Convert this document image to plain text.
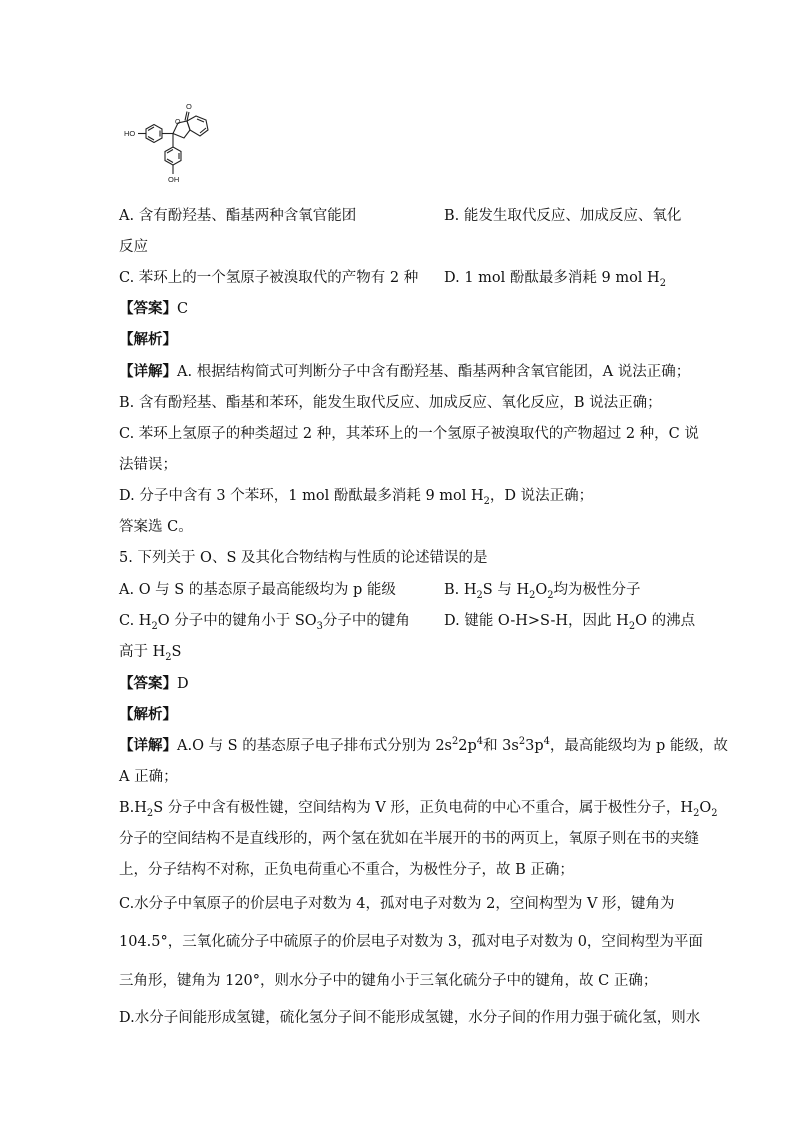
O
O
HO
OH
A. 含有酚羟基、酯基两种含氧官能团	B. 能发生取代反应、加成反应、氧化
反应
C. 苯环上的一个氢原子被溴取代的产物有 2 种 D. 1 mol 酚酞最多消耗 9 mol $H_2$
【答案】C
【解析】
【详解】A. 根据结构简式可判断分子中含有酚羟基、酯基两种含氧官能团，A 说法正确；
B. 含有酚羟基、酯基和苯环，能发生取代反应、加成反应、氧化反应，B 说法正确；
C. 苯环上氢原子的种类超过 2 种，其苯环上的一个氢原子被溴取代的产物超过 2 种，C 说
法错误；
D. 分子中含有 3 个苯环，1 mol 酚酞最多消耗 9 mol $H_2$，D 说法正确；
答案选 C。
5. 下列关于 O、S 及其化合物结构与性质的论述错误的是
A. O 与 S 的基态原子最高能级均为 p 能级	B. $H_2S$ 与 $H_2O_2$均为极性分子
C. $H_2O$ 分子中的键角小于 $SO_3$分子中的键角 D. 键能 O-H>S-H，因此 $H_2O$ 的沸点
高于 $H_2S$
【答案】D
【解析】
【详解】A.O 与 S 的基态原子电子排布式分别为 $2s^22p^4$和 $3s^23p^4$，最高能级均为 p 能级，故
A 正确；
$B.H_2S$ 分子中含有极性键，空间结构为 V 形，正负电荷的中心不重合，属于极性分子，$H_2O_2$
分子的空间结构不是直线形的，两个氢在犹如在半展开的书的两页上，氧原子则在书的夹缝
上，分子结构不对称，正负电荷重心不重合，为极性分子，故 B 正确；
C.水分子中氧原子的价层电子对数为 4，孤对电子对数为 2，空间构型为 V 形，键角为
104.5°，三氧化硫分子中硫原子的价层电子对数为 3，孤对电子对数为 0，空间构型为平面
三角形，键角为 120°，则水分子中的键角小于三氧化硫分子中的键角，故 C 正确；
D.水分子间能形成氢键，硫化氢分子间不能形成氢键，水分子间的作用力强于硫化氢，则水
